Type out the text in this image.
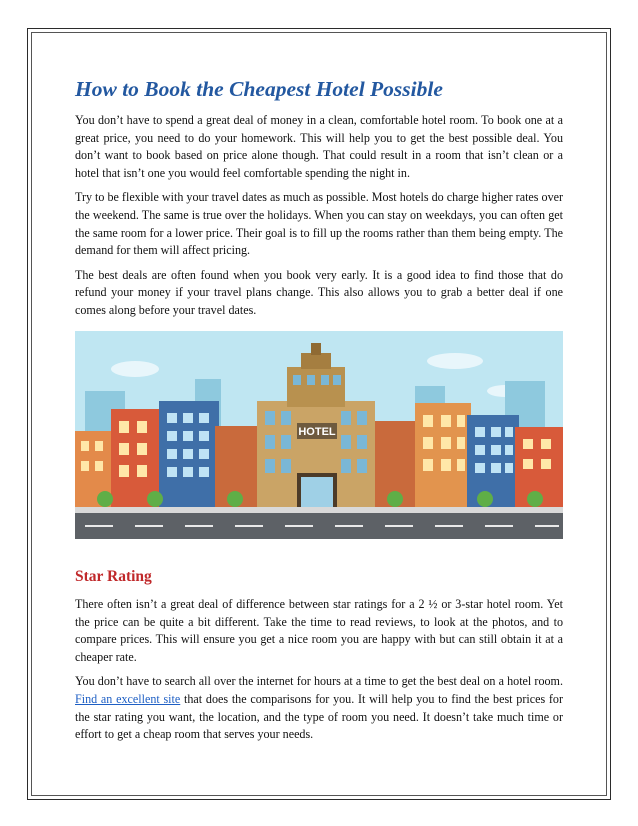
How to Book the Cheapest Hotel Possible

You don’t have to spend a great deal of money in a clean, comfortable hotel room. To book one at a great price, you need to do your homework. This will help you to get the best possible deal. You don’t want to book based on price alone though. That could result in a room that isn’t clean or a hotel that isn’t one you would feel comfortable spending the night in.

Try to be flexible with your travel dates as much as possible. Most hotels do charge higher rates over the weekend. The same is true over the holidays. When you can stay on weekdays, you can often get the same room for a lower price. Their goal is to fill up the rooms rather than them being empty. The demand for them will affect pricing.

The best deals are often found when you book very early. It is a good idea to find those that do refund your money if your travel plans change. This also allows you to grab a better deal if one comes along before your travel dates.

HOTEL
Star Rating

There often isn’t a great deal of difference between star ratings for a 2 ½ or 3-star hotel room. Yet the price can be quite a bit different. Take the time to read reviews, to look at the photos, and to compare prices. This will ensure you get a nice room you are happy with but can still obtain it at a cheaper rate.

You don’t have to search all over the internet for hours at a time to get the best deal on a hotel room. Find an excellent site that does the comparisons for you. It will help you to find the best prices for the star rating you want, the location, and the type of room you need. It doesn’t take much time or effort to get a cheap room that serves your needs.
